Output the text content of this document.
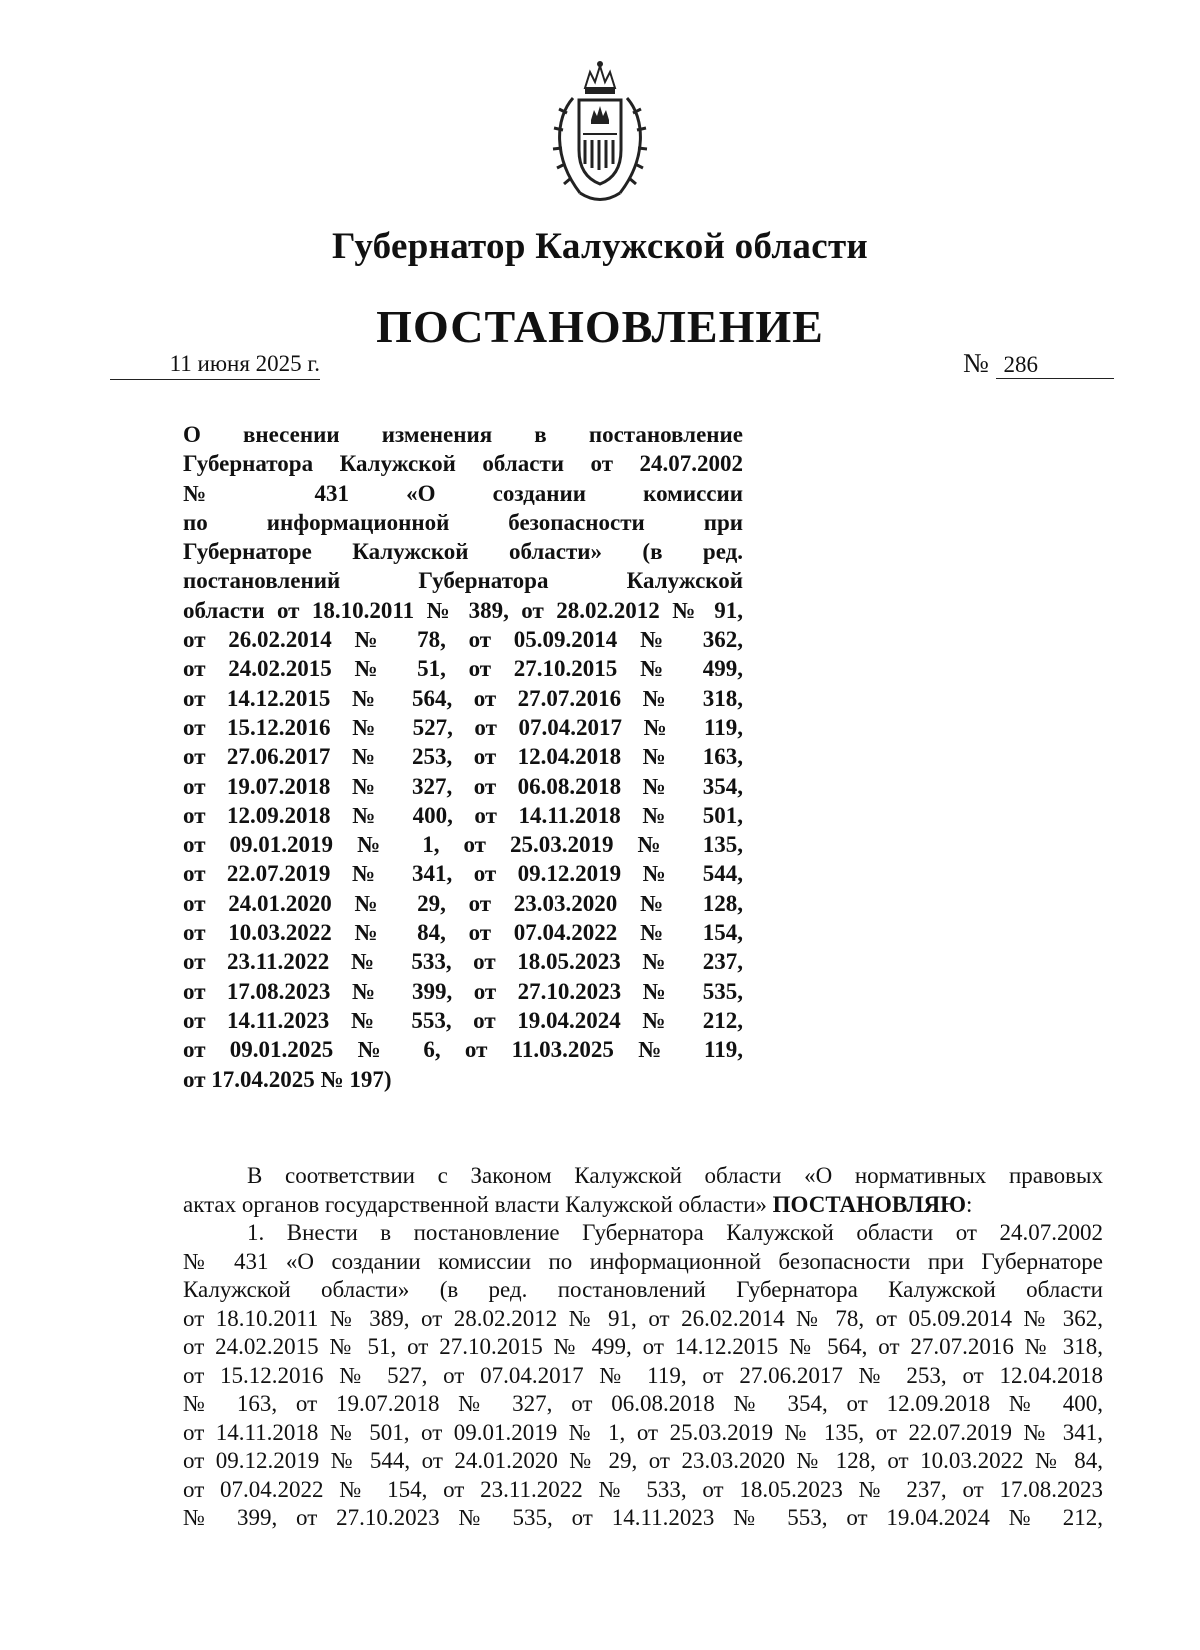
Губернатор Калужской области
ПОСТАНОВЛЕНИЕ
11 июня 2025 г.	№ 286
О внесении изменения в постановление
Губернатора Калужской области от 24.07.2002
№ 431 «О создании комиссии
по информационной безопасности при
Губернаторе Калужской области» (в ред.
постановлений Губернатора Калужской
области от 18.10.2011 № 389, от 28.02.2012 № 91,
от 26.02.2014 № 78, от 05.09.2014 № 362,
от 24.02.2015 № 51, от 27.10.2015 № 499,
от 14.12.2015 № 564, от 27.07.2016 № 318,
от 15.12.2016 № 527, от 07.04.2017 № 119,
от 27.06.2017 № 253, от 12.04.2018 № 163,
от 19.07.2018 № 327, от 06.08.2018 № 354,
от 12.09.2018 № 400, от 14.11.2018 № 501,
от 09.01.2019 № 1, от 25.03.2019 № 135,
от 22.07.2019 № 341, от 09.12.2019 № 544,
от 24.01.2020 № 29, от 23.03.2020 № 128,
от 10.03.2022 № 84, от 07.04.2022 № 154,
от 23.11.2022 № 533, от 18.05.2023 № 237,
от 17.08.2023 № 399, от 27.10.2023 № 535,
от 14.11.2023 № 553, от 19.04.2024 № 212,
от 09.01.2025 № 6, от 11.03.2025 № 119,
от 17.04.2025 № 197)
В соответствии с Законом Калужской области «О нормативных правовых
актах органов государственной власти Калужской области» ПОСТАНОВЛЯЮ:
1. Внести в постановление Губернатора Калужской области от 24.07.2002
№ 431 «О создании комиссии по информационной безопасности при Губернаторе
Калужской области» (в ред. постановлений Губернатора Калужской области
от 18.10.2011 № 389, от 28.02.2012 № 91, от 26.02.2014 № 78, от 05.09.2014 № 362,
от 24.02.2015 № 51, от 27.10.2015 № 499, от 14.12.2015 № 564, от 27.07.2016 № 318,
от 15.12.2016 № 527, от 07.04.2017 № 119, от 27.06.2017 № 253, от 12.04.2018
№ 163, от 19.07.2018 № 327, от 06.08.2018 № 354, от 12.09.2018 № 400,
от 14.11.2018 № 501, от 09.01.2019 № 1, от 25.03.2019 № 135, от 22.07.2019 № 341,
от 09.12.2019 № 544, от 24.01.2020 № 29, от 23.03.2020 № 128, от 10.03.2022 № 84,
от 07.04.2022 № 154, от 23.11.2022 № 533, от 18.05.2023 № 237, от 17.08.2023
№ 399, от 27.10.2023 № 535, от 14.11.2023 № 553, от 19.04.2024 № 212,
